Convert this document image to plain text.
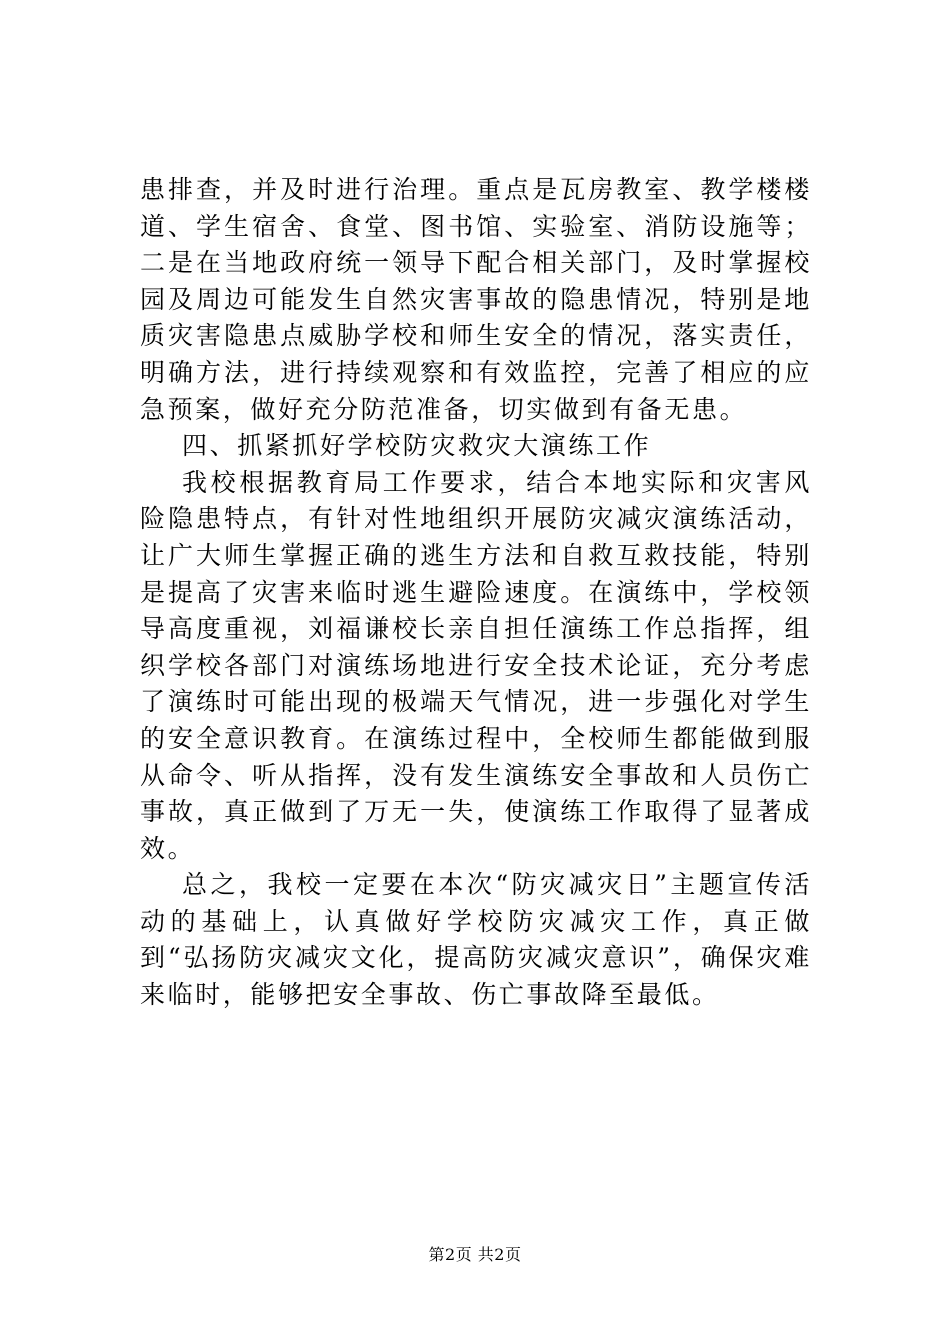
患排查，并及时进行治理。重点是瓦房教室、教学楼楼道、学生宿舍、食堂、图书馆、实验室、消防设施等；二是在当地政府统一领导下配合相关部门，及时掌握校园及周边可能发生自然灾害事故的隐患情况，特别是地质灾害隐患点威胁学校和师生安全的情况，落实责任，明确方法，进行持续观察和有效监控，完善了相应的应急预案，做好充分防范准备，切实做到有备无患。

四、抓紧抓好学校防灾救灾大演练工作

我校根据教育局工作要求，结合本地实际和灾害风险隐患特点，有针对性地组织开展防灾减灾演练活动，让广大师生掌握正确的逃生方法和自救互救技能，特别是提高了灾害来临时逃生避险速度。在演练中，学校领导高度重视，刘福谦校长亲自担任演练工作总指挥，组织学校各部门对演练场地进行安全技术论证，充分考虑了演练时可能出现的极端天气情况，进一步强化对学生的安全意识教育。在演练过程中，全校师生都能做到服从命令、听从指挥，没有发生演练安全事故和人员伤亡事故，真正做到了万无一失，使演练工作取得了显著成效。

总之，我校一定要在本次“防灾减灾日”主题宣传活动的基础上，认真做好学校防灾减灾工作，真正做到“弘扬防灾减灾文化，提高防灾减灾意识”，确保灾难来临时，能够把安全事故、伤亡事故降至最低。

第2页 共2页
